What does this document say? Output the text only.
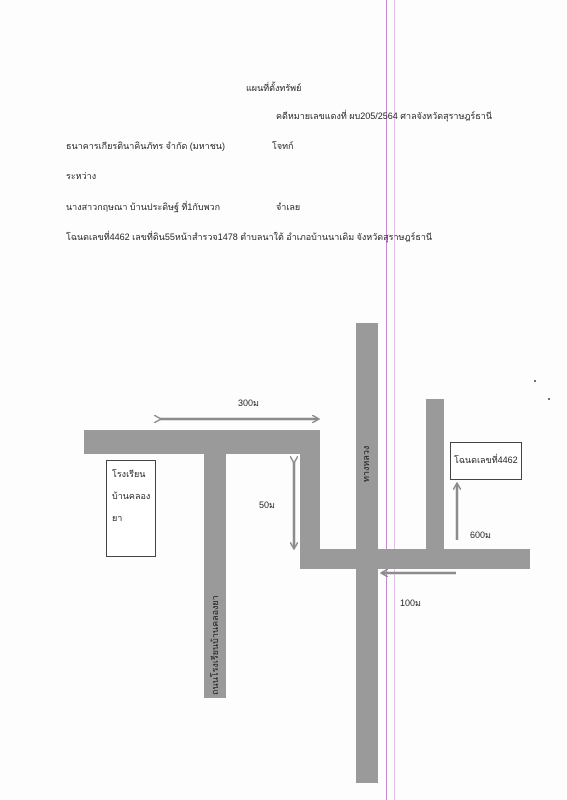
แผนที่ตั้งทรัพย์
คดีหมายเลขแดงที่ ผบ205/2564 ศาลจังหวัดสุราษฎร์ธานี
ธนาคารเกียรตินาคินภัทร จำกัด (มหาชน)	โจทก์
ระหว่าง
นางสาวกฤษณา บ้านประดิษฐ์ ที่1กับพวก	จำเลย
โฉนดเลขที่4462 เลขที่ดิน55หน้าสำรวจ1478 ตำบลนาใต้ อำเภอบ้านนาเดิม จังหวัดสุราษฎร์ธานี
ทางหลวง
ถนนโรงเรียนบ้านคลองยา
โรงเรียน
บ้านคลอง
ยา
โฉนดเลขที่4462
300ม
50ม
600ม
100ม
